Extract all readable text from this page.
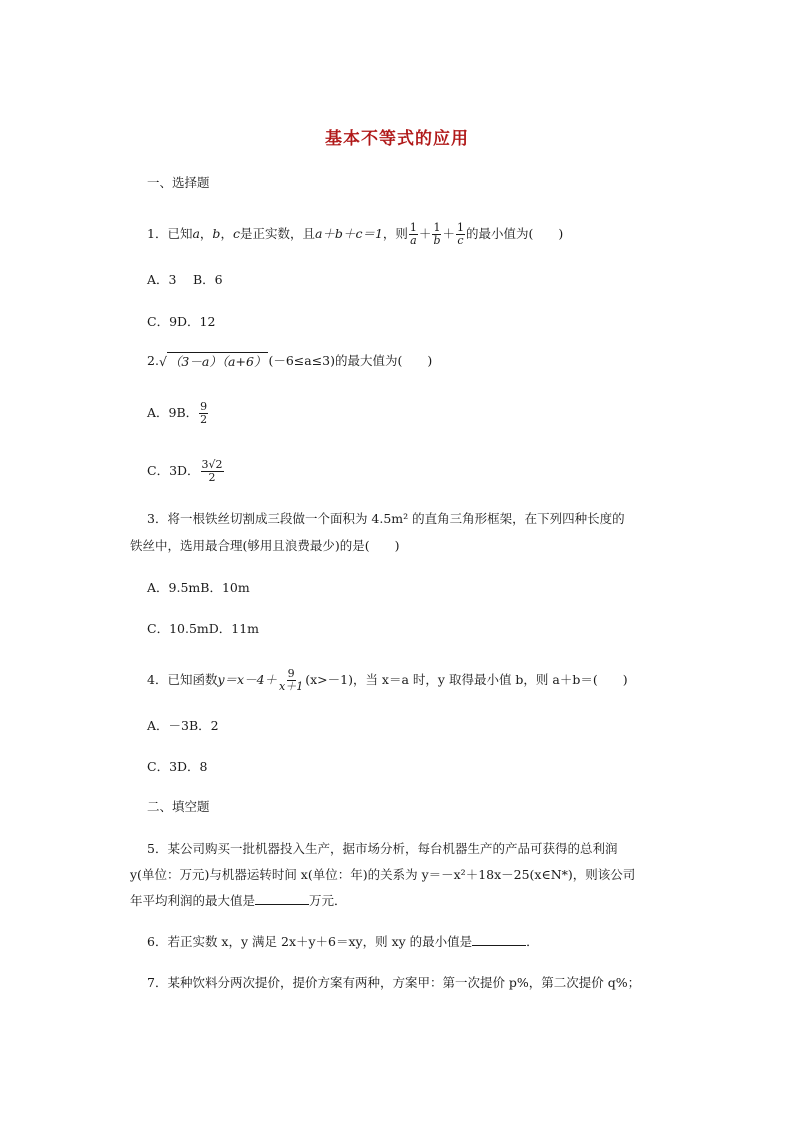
基本不等式的应用
一、选择题
1．已知a，b，c是正实数，且a＋b＋c＝1，则 $\frac{1}{a} + \frac{1}{b} + \frac{1}{c}$ 的最小值为(　　)
A．3　 B．6
C．9D．12
2.√ （3－a）（a+6） (－6≤a≤3)的最大值为(　　)
A．9B． $\frac{9}{2}$
C．3D． $\frac{3√2}{2}$
3．将一根铁丝切割成三段做一个面积为 4.5m² 的直角三角形框架，在下列四种长度的
铁丝中，选用最合理(够用且浪费最少)的是(　　)
A．9.5mB．10m
C．10.5mD．11m
4．已知函数$y=x-4+ \frac{9}{x+1} (x>-1)$，当 x＝a 时，y 取得最小值 b，则 a＋b＝(　　)
A．－3B．2
C．3D．8
二、填空题
5．某公司购买一批机器投入生产，据市场分析，每台机器生产的产品可获得的总利润
y(单位：万元)与机器运转时间 x(单位：年)的关系为 y＝－x²＋18x－25(x∈N*)，则该公司
年平均利润的最大值是	万元．
6．若正实数 x，y 满足 2x＋y＋6＝xy，则 xy 的最小值是	．
7．某种饮料分两次提价，提价方案有两种，方案甲：第一次提价 p%，第二次提价 q%；
